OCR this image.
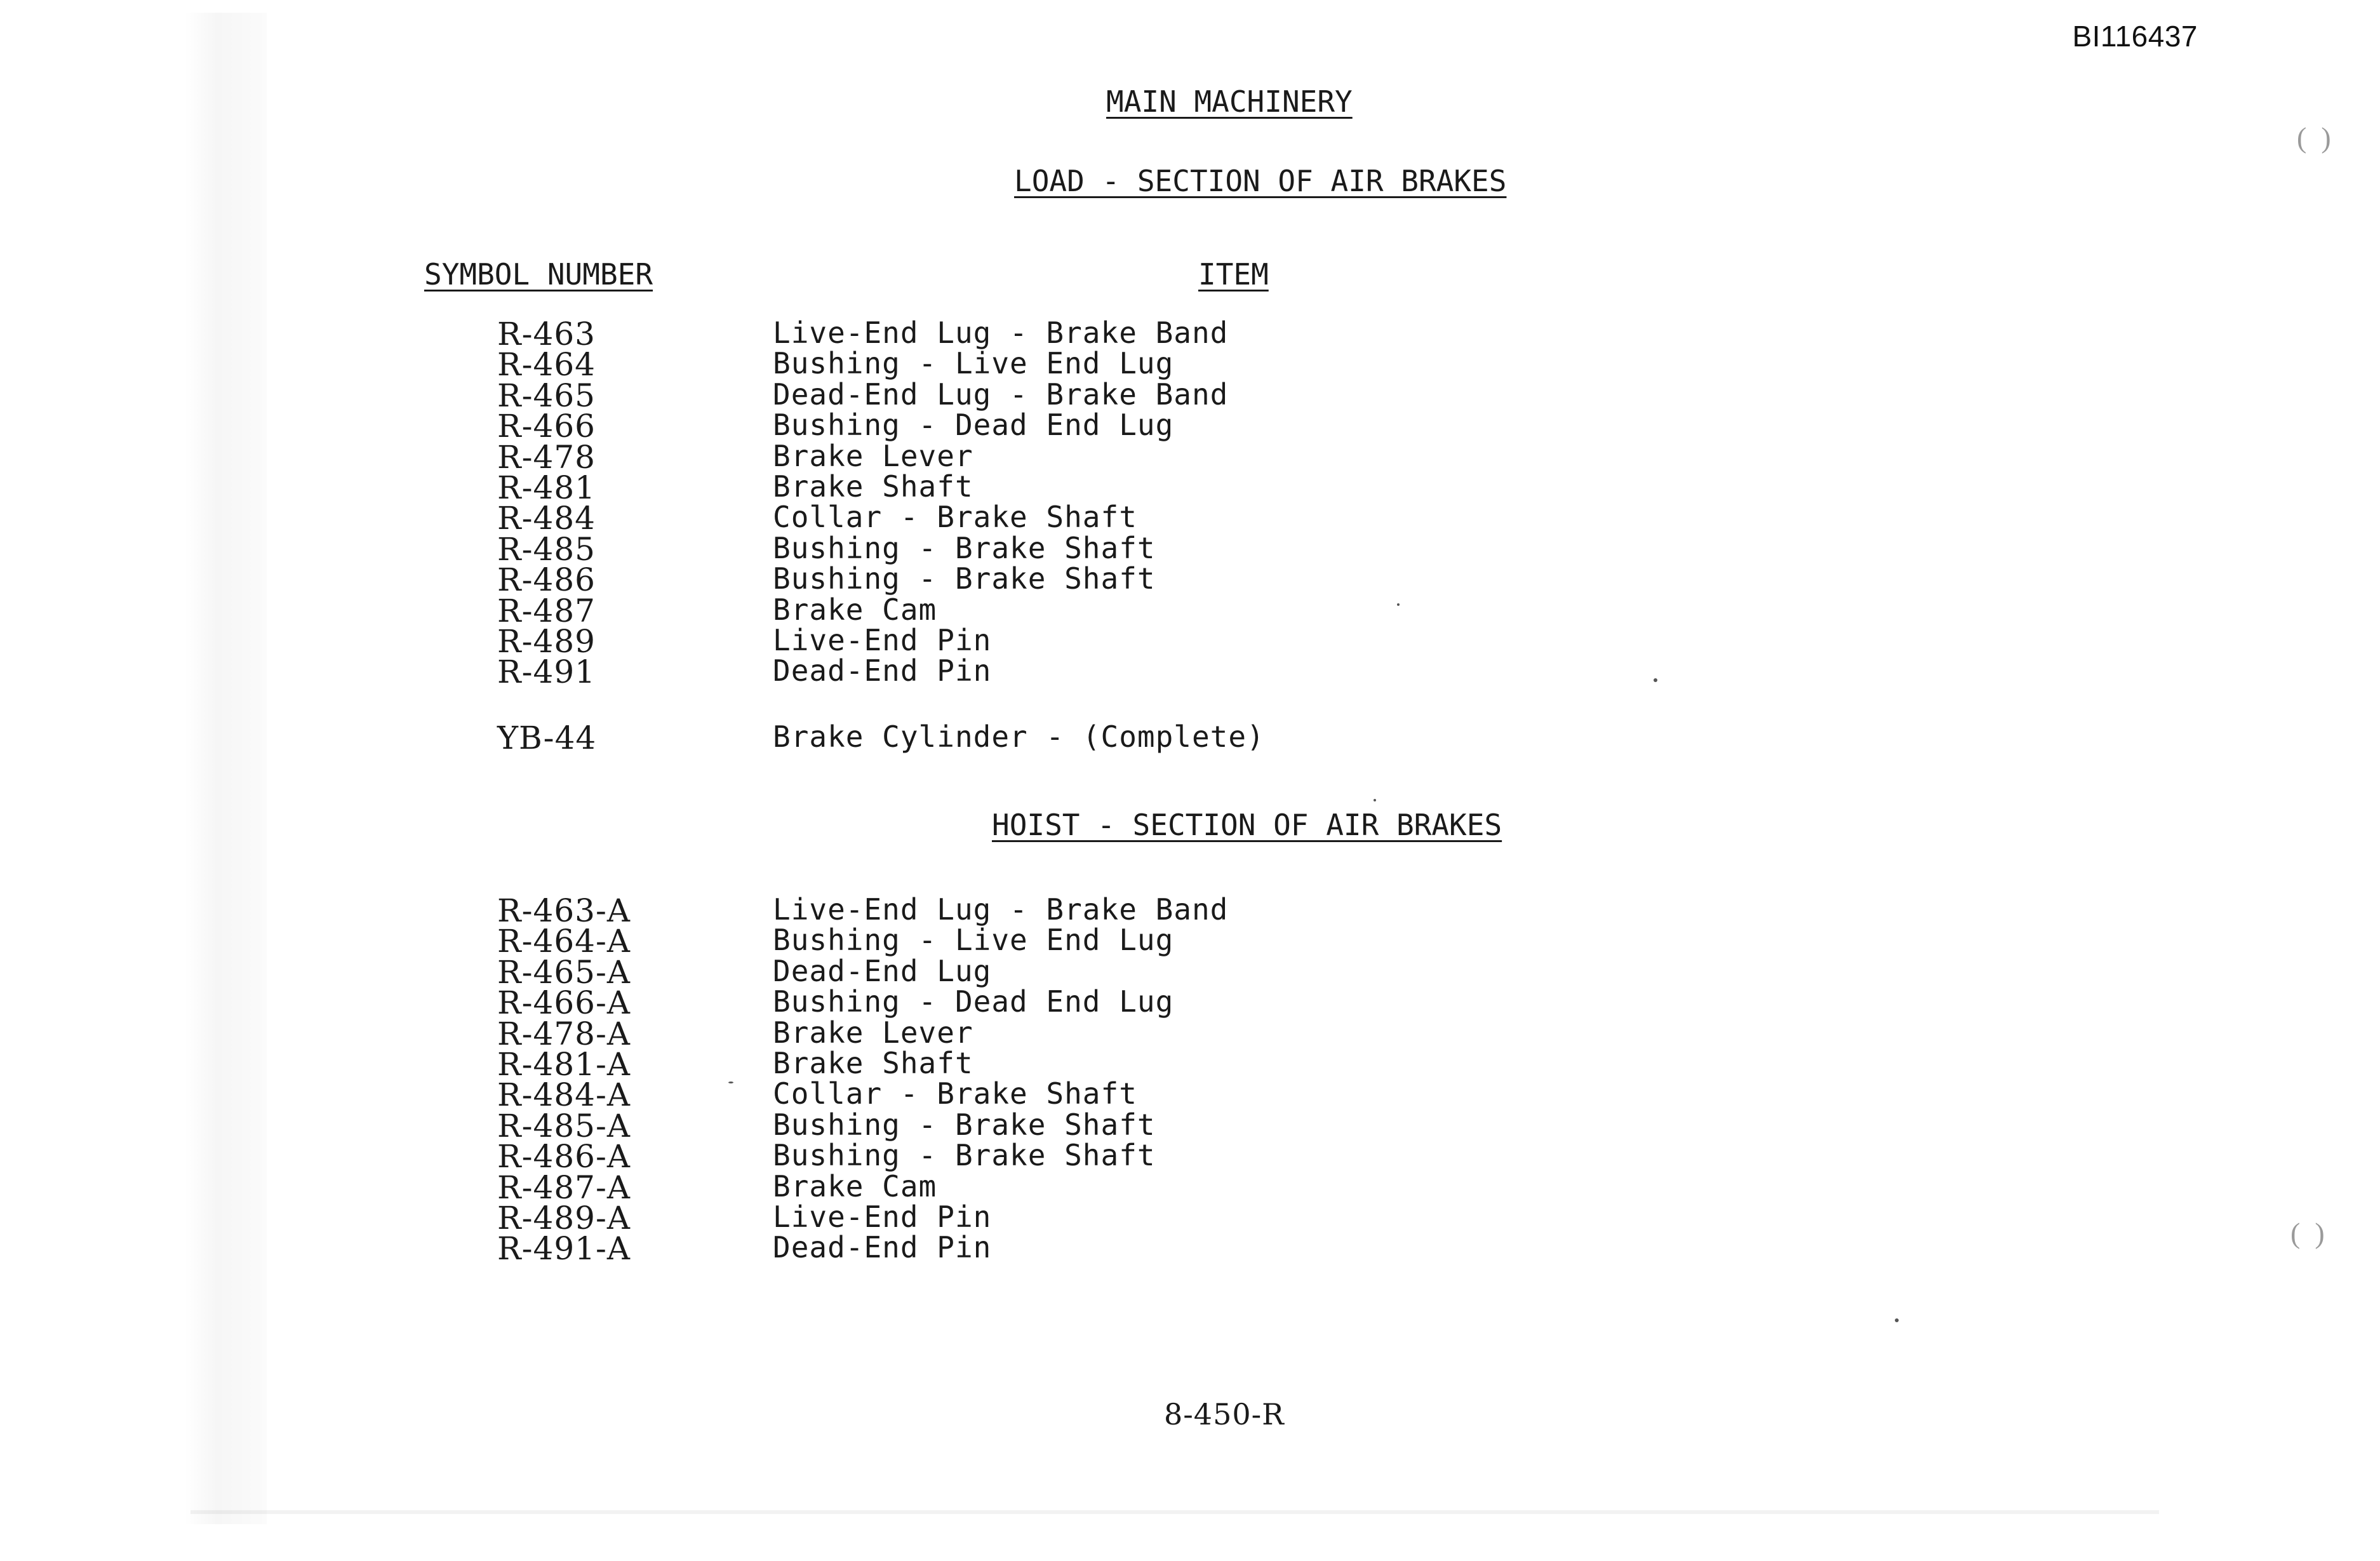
BI116437
MAIN MACHINERY
LOAD - SECTION OF AIR BRAKES
SYMBOL NUMBER	ITEM
R-463	Live-End Lug - Brake Band
R-464	Bushing - Live End Lug
R-465	Dead-End Lug - Brake Band
R-466	Bushing - Dead End Lug
R-478	Brake Lever
R-481	Brake Shaft
R-484	Collar - Brake Shaft
R-485	Bushing - Brake Shaft
R-486	Bushing - Brake Shaft
R-487	Brake Cam
R-489	Live-End Pin
R-491	Dead-End Pin
YB-44	Brake Cylinder - (Complete)
HOIST - SECTION OF AIR BRAKES
R-463-A	Live-End Lug - Brake Band
R-464-A	Bushing - Live End Lug
R-465-A	Dead-End Lug
R-466-A	Bushing - Dead End Lug
R-478-A	Brake Lever
R-481-A	Brake Shaft
R-484-A	Collar - Brake Shaft
R-485-A	Bushing - Brake Shaft
R-486-A	Bushing - Brake Shaft
R-487-A	Brake Cam
R-489-A	Live-End Pin
R-491-A	Dead-End Pin
8-450-R
(  )
(  )
